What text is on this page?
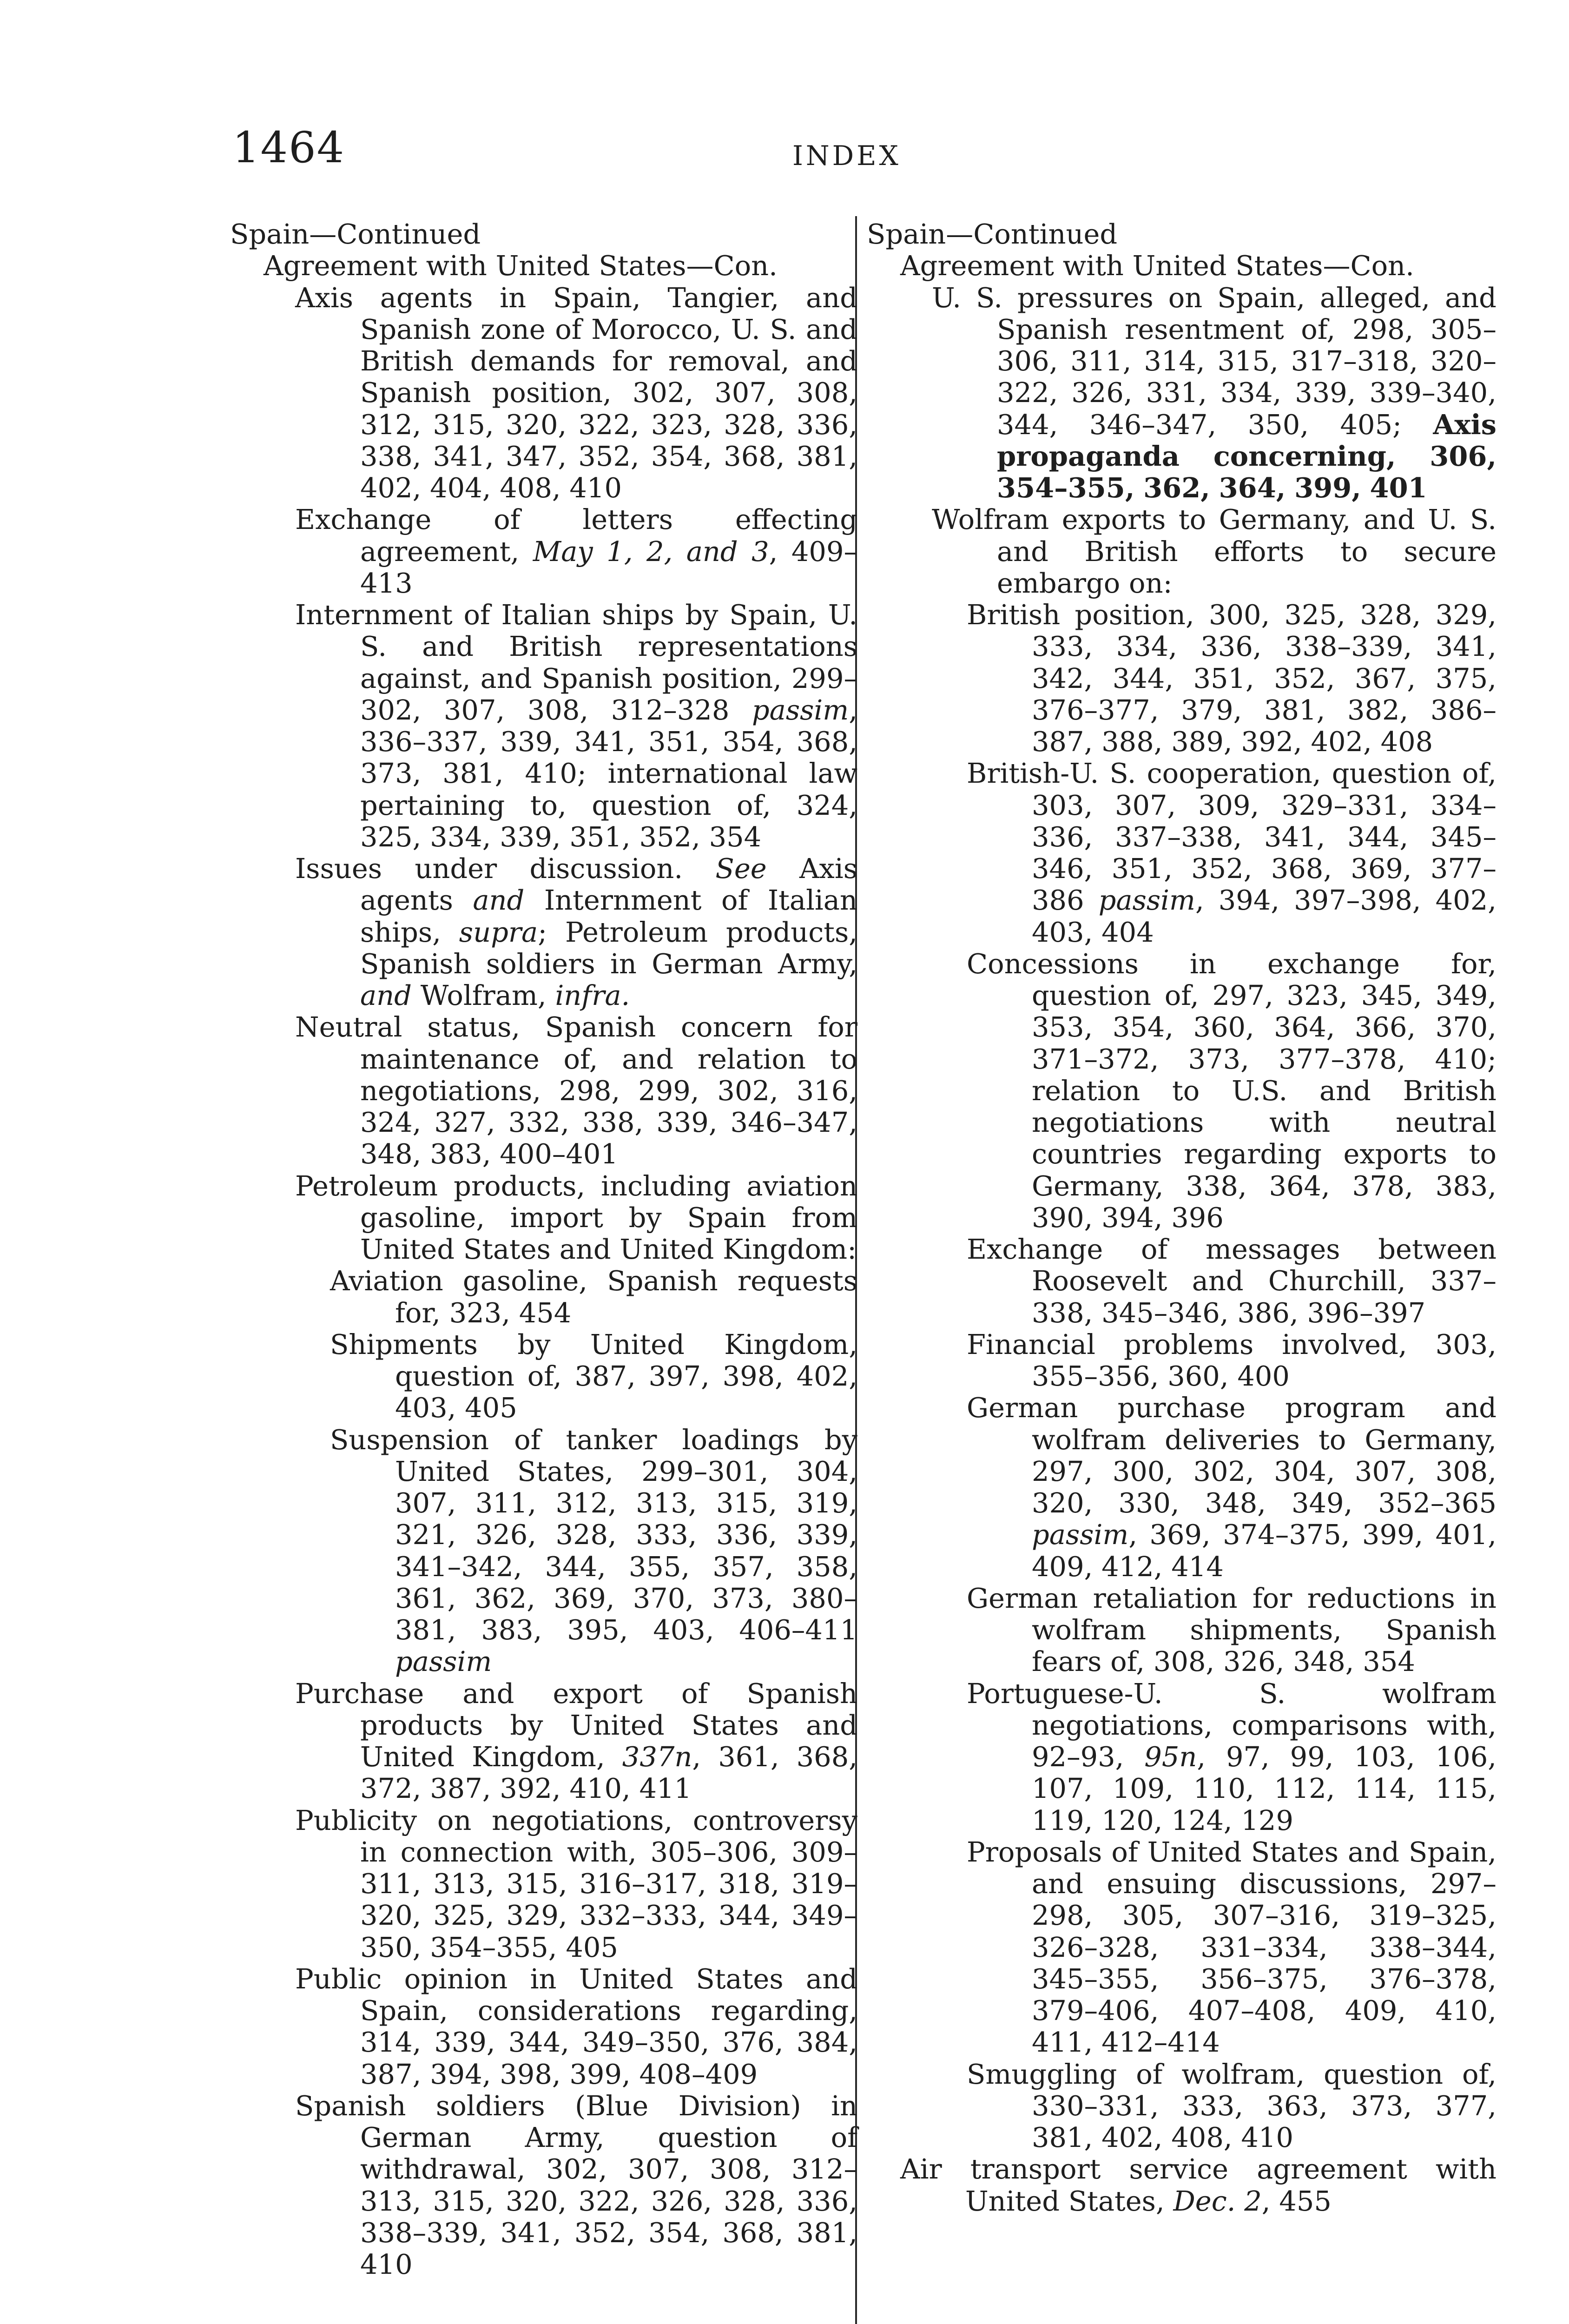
1464	INDEX
Spain—Continued
Agreement with United States—Con.
Axis agents in Spain, Tangier, and Spanish zone of Morocco, U. S. and British demands for removal, and Spanish position, 302, 307, 308, 312, 315, 320, 322, 323, 328, 336, 338, 341, 347, 352, 354, 368, 381, 402, 404, 408, 410
Exchange of letters effecting agreement, May 1, 2, and 3, 409–413
Internment of Italian ships by Spain, U. S. and British representations against, and Spanish position, 299–302, 307, 308, 312–328 passim, 336–337, 339, 341, 351, 354, 368, 373, 381, 410; international law pertaining to, question of, 324, 325, 334, 339, 351, 352, 354
Issues under discussion. See Axis agents and Internment of Italian ships, supra; Petroleum products, Spanish soldiers in German Army, and Wolfram, infra.
Neutral status, Spanish concern for maintenance of, and relation to negotiations, 298, 299, 302, 316, 324, 327, 332, 338, 339, 346–347, 348, 383, 400–401
Petroleum products, including aviation gasoline, import by Spain from United States and United Kingdom:
Aviation gasoline, Spanish requests for, 323, 454
Shipments by United Kingdom, question of, 387, 397, 398, 402, 403, 405
Suspension of tanker loadings by United States, 299–301, 304, 307, 311, 312, 313, 315, 319, 321, 326, 328, 333, 336, 339, 341–342, 344, 355, 357, 358, 361, 362, 369, 370, 373, 380–381, 383, 395, 403, 406–411 passim
Purchase and export of Spanish products by United States and United Kingdom, 337n, 361, 368, 372, 387, 392, 410, 411
Publicity on negotiations, controversy in connection with, 305–306, 309–311, 313, 315, 316–317, 318, 319–320, 325, 329, 332–333, 344, 349–350, 354–355, 405
Public opinion in United States and Spain, considerations regarding, 314, 339, 344, 349–350, 376, 384, 387, 394, 398, 399, 408–409
Spanish soldiers (Blue Division) in German Army, question of withdrawal, 302, 307, 308, 312–313, 315, 320, 322, 326, 328, 336, 338–339, 341, 352, 354, 368, 381, 410
Spain—Continued
Agreement with United States—Con.
U. S. pressures on Spain, alleged, and Spanish resentment of, 298, 305–306, 311, 314, 315, 317–318, 320–322, 326, 331, 334, 339, 339–340, 344, 346–347, 350, 405; Axis propaganda concerning, 306, 354–355, 362, 364, 399, 401
Wolfram exports to Germany, and U. S. and British efforts to secure embargo on:
British position, 300, 325, 328, 329, 333, 334, 336, 338–339, 341, 342, 344, 351, 352, 367, 375, 376–377, 379, 381, 382, 386–387, 388, 389, 392, 402, 408
British-U. S. cooperation, question of, 303, 307, 309, 329–331, 334–336, 337–338, 341, 344, 345–346, 351, 352, 368, 369, 377–386 passim, 394, 397–398, 402, 403, 404
Concessions in exchange for, question of, 297, 323, 345, 349, 353, 354, 360, 364, 366, 370, 371–372, 373, 377–378, 410; relation to U.S. and British negotiations with neutral countries regarding exports to Germany, 338, 364, 378, 383, 390, 394, 396
Exchange of messages between Roosevelt and Churchill, 337–338, 345–346, 386, 396–397
Financial problems involved, 303, 355–356, 360, 400
German purchase program and wolfram deliveries to Germany, 297, 300, 302, 304, 307, 308, 320, 330, 348, 349, 352–365 passim, 369, 374–375, 399, 401, 409, 412, 414
German retaliation for reductions in wolfram shipments, Spanish fears of, 308, 326, 348, 354
Portuguese-U. S. wolfram negotiations, comparisons with, 92–93, 95n, 97, 99, 103, 106, 107, 109, 110, 112, 114, 115, 119, 120, 124, 129
Proposals of United States and Spain, and ensuing discussions, 297–298, 305, 307–316, 319–325, 326–328, 331–334, 338–344, 345–355, 356–375, 376–378, 379–406, 407–408, 409, 410, 411, 412–414
Smuggling of wolfram, question of, 330–331, 333, 363, 373, 377, 381, 402, 408, 410
Air transport service agreement with United States, Dec. 2, 455
